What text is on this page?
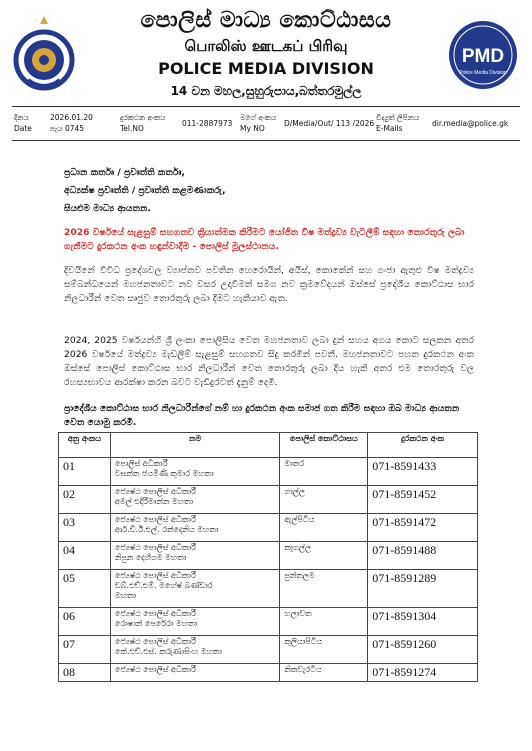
පොලිස් මාධ්‍ය කොට්ඨාසය
பொலிஸ் ஊடகப் பிரிவு
POLICE MEDIA DIVISION
14 වන මහල,සුහුරුපාය,බත්තරමුල්ල
PMD
Police Media Division
දිනය
Date
2026.01.20
පැය 0745
දුරකථන අංකය
Tel.NO
011-2887973
මගේ අංකය
My NO
D/Media/Out/ 113 /2026
විද්‍යුත් ලිපිනය
E-Mails
dir.media@police.gk
ප්‍රධාන කර්තෘ / ප්‍රවෘත්ති කර්තෘ,
අධ්‍යක්ෂ ප්‍රවෘත්ති / ප්‍රවෘත්ති කළමණාකරු,
සියළුම මාධ්‍ය ආයතන.
2026 වර්ෂයේ සැළසුම් සහගතව ක්‍රියාත්මක කිරීමට යෝජිත විෂ මත්ද්‍රව්‍ය වැටලීම් සඳහා තොරතුරු ලබා ගැනීමට දුරකථන අංක හඳුන්වාදීම - පොලිස් මූලස්ථානය.
දිවයිනේ විවිධ ප්‍රදේශවල ව්‍යාප්තව පවතින හෙරොයින්, අයිස්, කොකේන් සහ ගංජා ඇතුළු විෂ මත්ද්‍රව්‍ය සම්බන්ධයෙන් මහජනතාවට නව වසර උදාවීමත් සමග නව ක්‍රමවේදයන් ඔස්සේ ප්‍රදේශීය කොට්ඨාස භාර නිලධාරීන් වෙත සෘජුව තොරතුරු ලබා දීමට හැකියාව ඇත.
2024, 2025 වර්ෂයන්හි ශ්‍රී ලංකා පොලිසිය වෙත මහජනතාව ලබා දුන් සහය අගය කොට සලකන අතර 2026 වර්ෂයේ මත්ද්‍රව්‍ය මැඩලීම් සැළසුම් සහගතව සිදු කරමින් පවතී. මහජනතාවට පහත දුරකථන අංක ඔස්සේ පොලිස් කොට්ඨාස භාර නිලධාරීන් වෙත තොරතුරු ලබා දිය හැකි අතර එම තොරතුරු වල රහස්‍යභාවය ආරක්ෂා කරන බවට වැඩිදුරටත් දැනුම් දෙමි.
ප්‍රාදේශීය කොට්ඨාස භාර නිලධාරීන්ගේ නම් හා දුරකථන අංක සමාජ ගත කිරීම සඳහා ඔබ මාධ්‍ය ආයතන වෙත යොමු කරමි.
අනු අංකය	නම	පොලිස් කොට්ඨාසය	දුරකථන අංක
01	පොලිස් අධිකාරී
වසන්ත ජයමිණි කුමාර මහතා	මාතර	071-8591433
02	ජ්‍යෙෂ්ඨ පොලිස් අධිකාරී
අමල් එදිරිමාන්න මහතා	ගාල්ල	071-8591452
03	ජ්‍යෙෂ්ඨ පොලිස් අධිකාරී
ආර්.ඩී.ඊ.එල්. රන්දෙනිය මහතා	ඇල්පිටිය	071-8591472
04	ජ්‍යෙෂ්ඨ පොලිස් අධිකාරී
නිපුන දෙහිගම මහතා	කෑගල්ල	071-8591488
05	ජ්‍යෙෂ්ඨ පොලිස් අධිකාරී
ඩබ්.එච්.එම්. මහේෂ් බණ්ඩාර
මහතා	පුත්තලම	071-8591289
06	ජ්‍යෙෂ්ඨ පොලිස් අධිකාරී
රොෂාන් පෙරේරා මහතා	හලාවත	071-8591304
07	ජ්‍යෙෂ්ඨ පොලිස් අධිකාරී
කේ.එච්.එස්. කරුණාසිංහ මහතා	කුලියාපිටිය	071-8591260
08	ජ්‍යෙෂ්ඨ පොලිස් අධිකාරී	නිකවැරටිය	071-8591274
